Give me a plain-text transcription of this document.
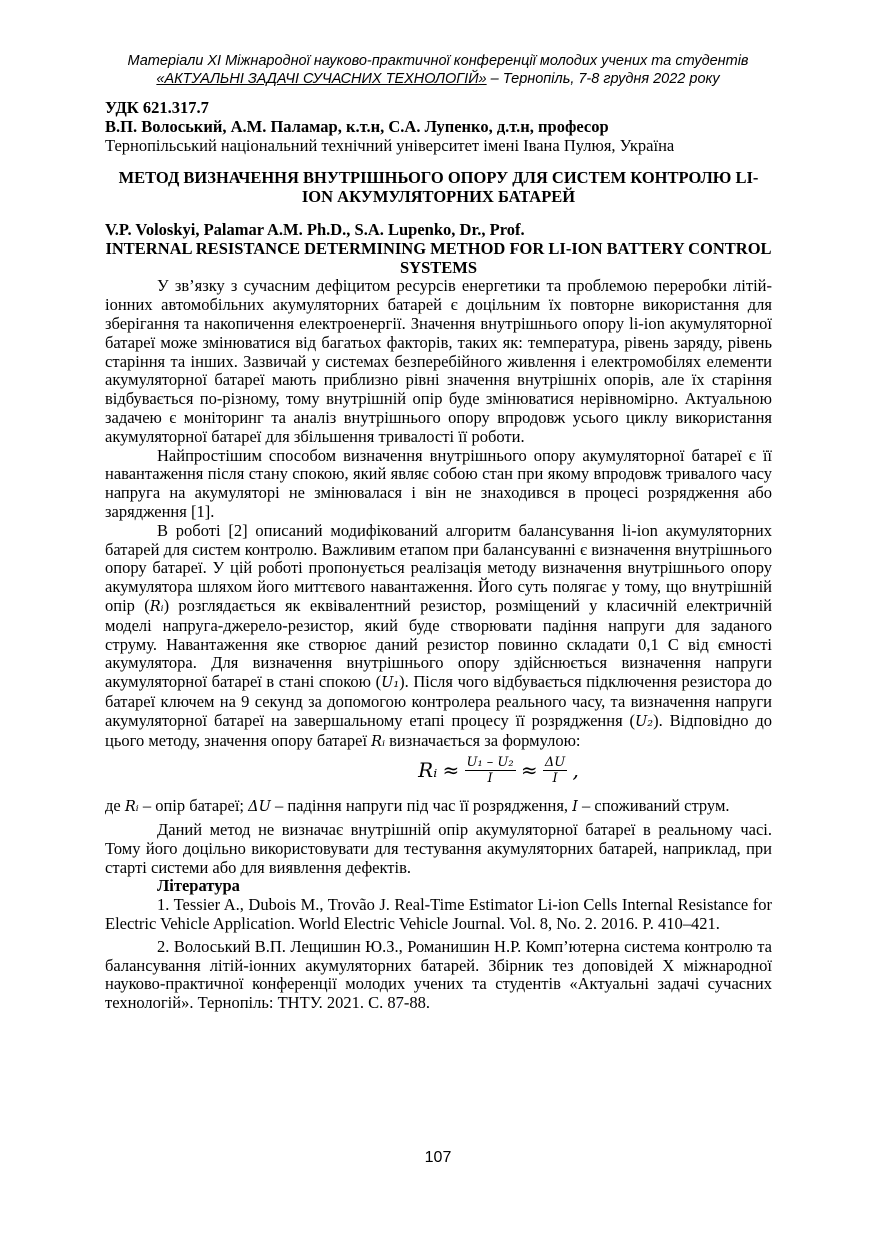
Матеріали XI Міжнародної науково-практичної конференції молодих учених та студентів
«АКТУАЛЬНІ ЗАДАЧІ СУЧАСНИХ ТЕХНОЛОГІЙ» – Тернопіль, 7-8 грудня 2022 року
УДК 621.317.7
В.П. Волоський, А.М. Паламар, к.т.н, С.А. Лупенко, д.т.н, професор
Тернопільський національний технічний університет імені Івана Пулюя, Україна
МЕТОД ВИЗНАЧЕННЯ ВНУТРІШНЬОГО ОПОРУ ДЛЯ СИСТЕМ КОНТРОЛЮ LI-ION АКУМУЛЯТОРНИХ БАТАРЕЙ
V.P. Voloskyi, Palamar A.M. Ph.D., S.A. Lupenko, Dr., Prof.
INTERNAL RESISTANCE DETERMINING METHOD FOR LI-ION BATTERY CONTROL SYSTEMS

У зв’язку з сучасним дефіцитом ресурсів енергетики та проблемою переробки літій-іонних автомобільних акумуляторних батарей є доцільним їх повторне використання для зберігання та накопичення електроенергії. Значення внутрішнього опору li-ion акумуляторної батареї може змінюватися від багатьох факторів, таких як: температура, рівень заряду, рівень старіння та інших. Зазвичай у системах безперебійного живлення і електромобілях елементи акумуляторної батареї мають приблизно рівні значення внутрішніх опорів, але їх старіння відбувається по-різному, тому внутрішній опір буде змінюватися нерівномірно. Актуальною задачею є моніторинг та аналіз внутрішнього опору впродовж усього циклу використання акумуляторної батареї для збільшення тривалості її роботи.

Найпростішим способом визначення внутрішнього опору акумуляторної батареї є її навантаження після стану спокою, який являє собою стан при якому впродовж тривалого часу напруга на акумуляторі не змінювалася і він не знаходився в процесі розрядження або зарядження [1].

В роботі [2] описаний модифікований алгоритм балансування li-ion акумуляторних батарей для систем контролю. Важливим етапом при балансуванні є визначення внутрішнього опору батареї. У цій роботі пропонується реалізація методу визначення внутрішнього опору акумулятора шляхом його миттєвого навантаження. Його суть полягає у тому, що внутрішній опір (Rᵢ) розглядається як еквівалентний резистор, розміщений у класичній електричній моделі напруга-джерело-резистор, який буде створювати падіння напруги для заданого струму. Навантаження яке створює даний резистор повинно складати 0,1 С від ємності акумулятора. Для визначення внутрішнього опору здійснюється визначення напруги акумуляторної батареї в стані спокою (U₁). Після чого відбувається підключення резистора до батареї ключем на 9 секунд за допомогою контролера реального часу, та визначення напруги акумуляторної батареї на завершальному етапі процесу її розрядження (U₂). Відповідно до цього методу, значення опору батареї Rᵢ визначається за формулою:

Rᵢ ≈ $\frac{\text{U₁ – U₂}}{I} \approx \frac{\Delta U}{I}$ ,

де Rᵢ – опір батареї; ΔU – падіння напруги під час її розрядження, I – споживаний струм.

Даний метод не визначає внутрішній опір акумуляторної батареї в реальному часі. Тому його доцільно використовувати для тестування акумуляторних батарей, наприклад, при старті системи або для виявлення дефектів.

Література

1. Tessier A., Dubois M., Trovão J. Real-Time Estimator Li-ion Cells Internal Resistance for Electric Vehicle Application. World Electric Vehicle Journal. Vol. 8, No. 2. 2016. P. 410–421.

2. Волоський В.П. Лещишин Ю.З., Романишин Н.Р. Комп’ютерна система контролю та балансування літій-іонних акумуляторних батарей. Збірник тез доповідей X міжнародної науково-практичної конференції молодих учених та студентів «Актуальні задачі сучасних технологій». Тернопіль: ТНТУ. 2021. С. 87-88.

107
